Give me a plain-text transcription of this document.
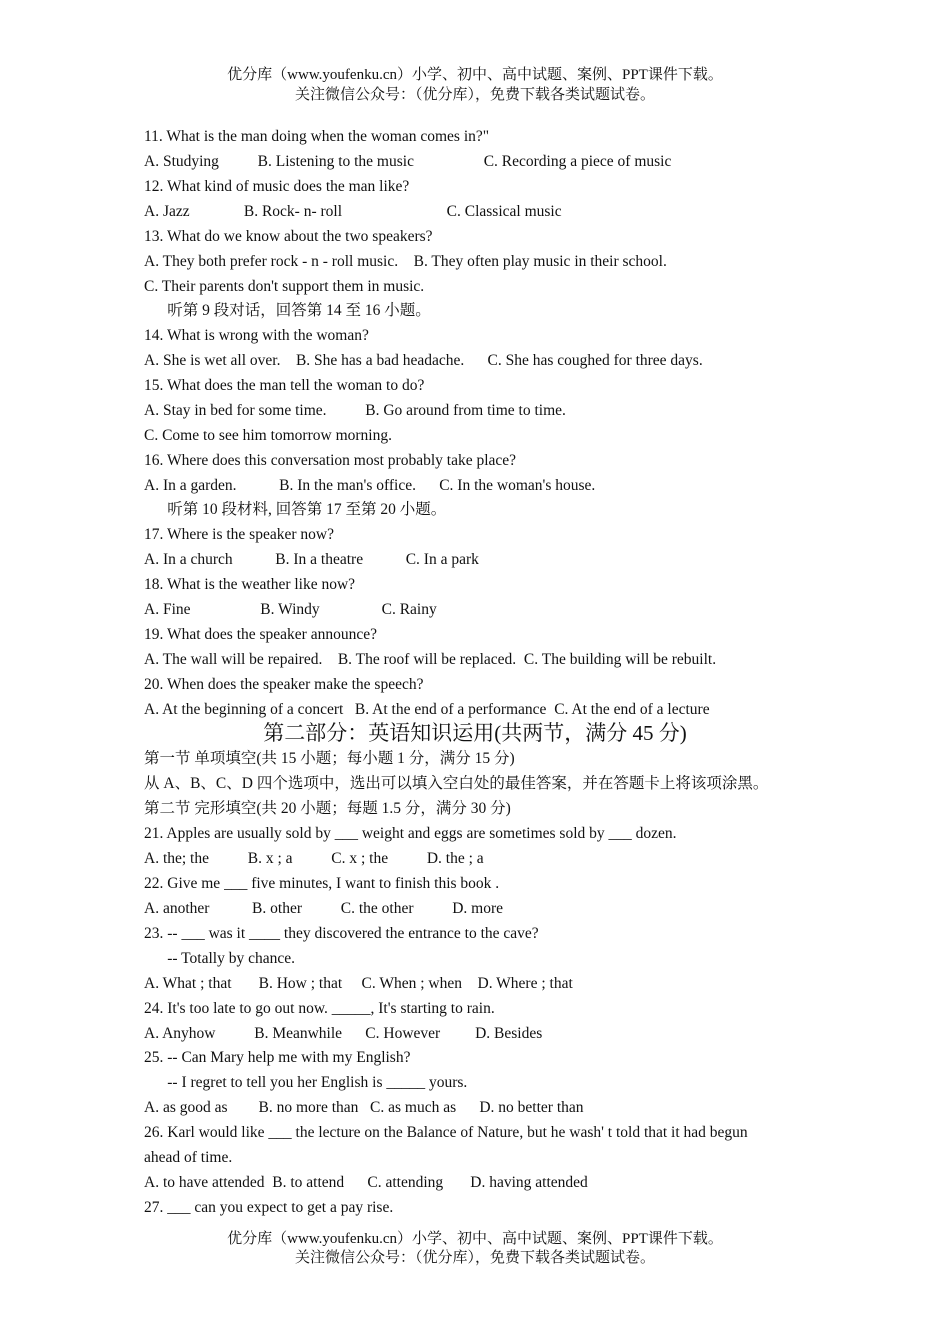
优分库（www.youfenku.cn）小学、初中、高中试题、案例、PPT课件下载。
关注微信公众号：（优分库），免费下载各类试题试卷。
11. What is the man doing when the woman comes in?"
A. Studying          B. Listening to the music                  C. Recording a piece of music
12. What kind of music does the man like?
A. Jazz              B. Rock- n- roll                           C. Classical music
13. What do we know about the two speakers?
A. They both prefer rock - n - roll music.    B. They often play music in their school.
C. Their parents don't support them in music.
听第 9 段对话，回答第 14 至 16 小题。
14. What is wrong with the woman?
A. She is wet all over.    B. She has a bad headache.      C. She has coughed for three days.
15. What does the man tell the woman to do?
A. Stay in bed for some time.          B. Go around from time to time.
C. Come to see him tomorrow morning.
16. Where does this conversation most probably take place?
A. In a garden.           B. In the man's office.      C. In the woman's house.
听第 10 段材料, 回答第 17 至第 20 小题。
17. Where is the speaker now?
A. In a church           B. In a theatre           C. In a park
18. What is the weather like now?
A. Fine                  B. Windy                C. Rainy
19. What does the speaker announce?
A. The wall will be repaired.    B. The roof will be replaced.  C. The building will be rebuilt.
20. When does the speaker make the speech?
A. At the beginning of a concert   B. At the end of a performance  C. At the end of a lecture
第二部分：英语知识运用(共两节，满分 45 分)
第一节 单项填空(共 15 小题；每小题 1 分，满分 15 分)
从 A、B、C、D 四个选项中，选出可以填入空白处的最佳答案，并在答题卡上将该项涂黑。
第二节 完形填空(共 20 小题；每题 1.5 分，满分 30 分)
21. Apples are usually sold by ___ weight and eggs are sometimes sold by ___ dozen.
A. the; the          B. x ; a          C. x ; the          D. the ; a
22. Give me ___ five minutes, I want to finish this book .
A. another           B. other          C. the other          D. more
23. -- ___ was it ____ they discovered the entrance to the cave?
-- Totally by chance.
A. What ; that       B. How ; that     C. When ; when    D. Where ; that
24. It's too late to go out now. _____, It's starting to rain.
A. Anyhow          B. Meanwhile      C. However         D. Besides
25. -- Can Mary help me with my English?
-- I regret to tell you her English is _____ yours.
A. as good as        B. no more than   C. as much as      D. no better than
26. Karl would like ___ the lecture on the Balance of Nature, but he wash' t told that it had begun
ahead of time.
A. to have attended  B. to attend      C. attending       D. having attended
27. ___ can you expect to get a pay rise.
优分库（www.youfenku.cn）小学、初中、高中试题、案例、PPT课件下载。
关注微信公众号：（优分库），免费下载各类试题试卷。
